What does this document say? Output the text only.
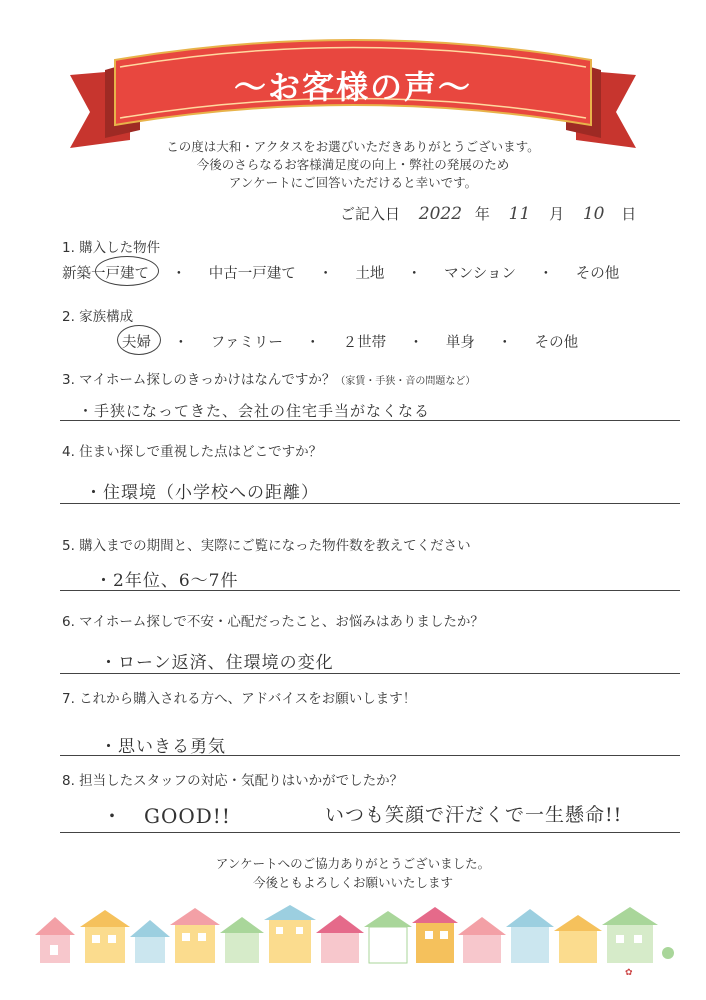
～お客様の声～
この度は大和・アクタスをお選びいただきありがとうございます。
今後のさらなるお客様満足度の向上・弊社の発展のため
アンケートにご回答いただけると幸いです。
ご記入日 2022 年 11 月 10 日
1. 購入した物件
新築一戸建て ・ 中古一戸建て ・ 土地 ・ マンション ・ その他
2. 家族構成
夫婦 ・ ファミリー ・ ２世帯 ・ 単身 ・ その他
3. マイホーム探しのきっかけはなんですか？（家賃・手狭・音の問題など）
・手狭になってきた、会社の住宅手当がなくなる
4. 住まい探しで重視した点はどこですか？
・住環境（小学校への距離）
5. 購入までの期間と、実際にご覧になった物件数を教えてください
・2年位、6～7件
6. マイホーム探しで不安・心配だったこと、お悩みはありましたか？
・ローン返済、住環境の変化
7. これから購入される方へ、アドバイスをお願いします！
・思いきる勇気
8. 担当したスタッフの対応・気配りはいかがでしたか？
・　GOOD!!	いつも笑顔で汗だくで一生懸命!!
アンケートへのご協力ありがとうございました。
今後ともよろしくお願いいたします
✿
